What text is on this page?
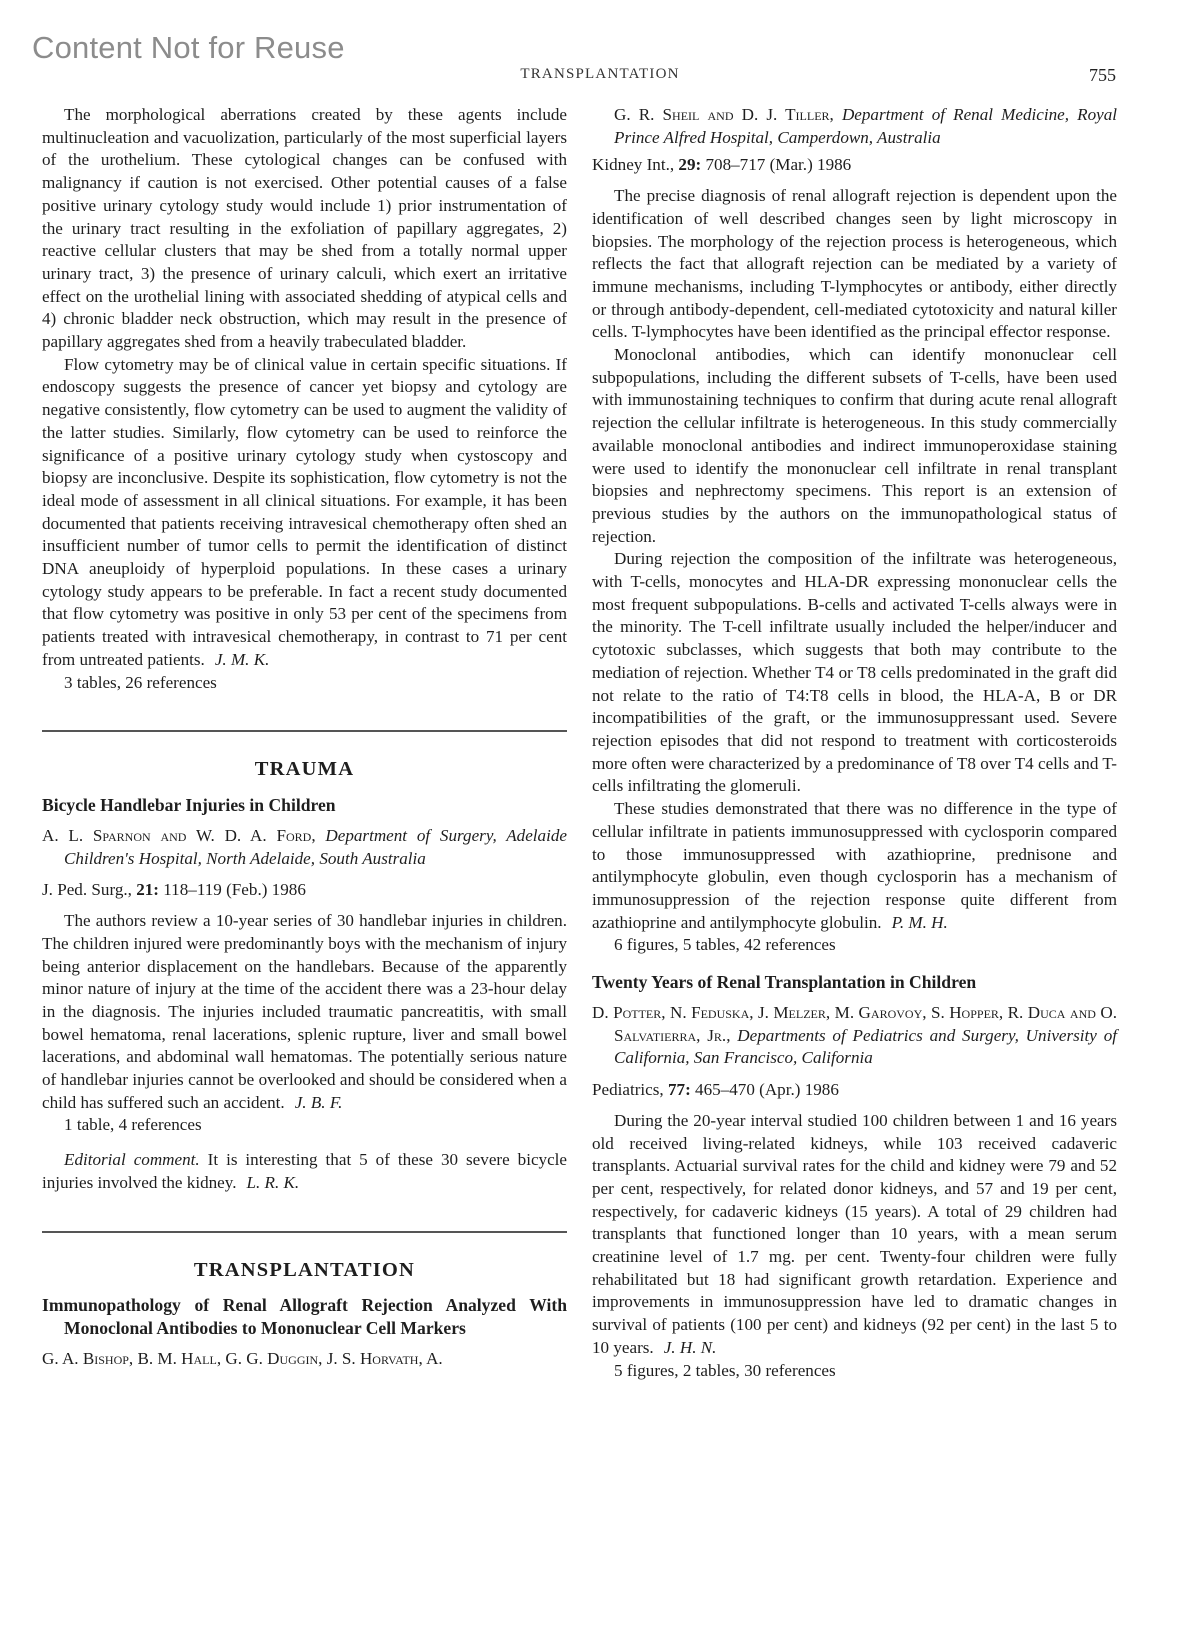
Content Not for Reuse
TRANSPLANTATION	755

The morphological aberrations created by these agents include multinucleation and vacuolization, particularly of the most superficial layers of the urothelium. These cytological changes can be confused with malignancy if caution is not exercised. Other potential causes of a false positive urinary cytology study would include 1) prior instrumentation of the urinary tract resulting in the exfoliation of papillary aggregates, 2) reactive cellular clusters that may be shed from a totally normal upper urinary tract, 3) the presence of urinary calculi, which exert an irritative effect on the urothelial lining with associated shedding of atypical cells and 4) chronic bladder neck obstruction, which may result in the presence of papillary aggregates shed from a heavily trabeculated bladder.

Flow cytometry may be of clinical value in certain specific situations. If endoscopy suggests the presence of cancer yet biopsy and cytology are negative consistently, flow cytometry can be used to augment the validity of the latter studies. Similarly, flow cytometry can be used to reinforce the significance of a positive urinary cytology study when cystoscopy and biopsy are inconclusive. Despite its sophistication, flow cytometry is not the ideal mode of assessment in all clinical situations. For example, it has been documented that patients receiving intravesical chemotherapy often shed an insufficient number of tumor cells to permit the identification of distinct DNA aneuploidy of hyperploid populations. In these cases a urinary cytology study appears to be preferable. In fact a recent study documented that flow cytometry was positive in only 53 per cent of the specimens from patients treated with intravesical chemotherapy, in contrast to 71 per cent from untreated patients. J. M. K.

3 tables, 26 references

TRAUMA
Bicycle Handlebar Injuries in Children

A. L. Sparnon and W. D. A. Ford, Department of Surgery, Adelaide Children's Hospital, North Adelaide, South Australia

J. Ped. Surg., 21: 118–119 (Feb.) 1986

The authors review a 10-year series of 30 handlebar injuries in children. The children injured were predominantly boys with the mechanism of injury being anterior displacement on the handlebars. Because of the apparently minor nature of injury at the time of the accident there was a 23-hour delay in the diagnosis. The injuries included traumatic pancreatitis, with small bowel hematoma, renal lacerations, splenic rupture, liver and small bowel lacerations, and abdominal wall hematomas. The potentially serious nature of handlebar injuries cannot be overlooked and should be considered when a child has suffered such an accident. J. B. F.

1 table, 4 references

Editorial comment. It is interesting that 5 of these 30 severe bicycle injuries involved the kidney. L. R. K.

TRANSPLANTATION
Immunopathology of Renal Allograft Rejection Analyzed With Monoclonal Antibodies to Mononuclear Cell Markers

G. A. Bishop, B. M. Hall, G. G. Duggin, J. S. Horvath, A.

G. R. Sheil and D. J. Tiller, Department of Renal Medicine, Royal Prince Alfred Hospital, Camperdown, Australia

Kidney Int., 29: 708–717 (Mar.) 1986

The precise diagnosis of renal allograft rejection is dependent upon the identification of well described changes seen by light microscopy in biopsies. The morphology of the rejection process is heterogeneous, which reflects the fact that allograft rejection can be mediated by a variety of immune mechanisms, including T-lymphocytes or antibody, either directly or through antibody-dependent, cell-mediated cytotoxicity and natural killer cells. T-lymphocytes have been identified as the principal effector response.

Monoclonal antibodies, which can identify mononuclear cell subpopulations, including the different subsets of T-cells, have been used with immunostaining techniques to confirm that during acute renal allograft rejection the cellular infiltrate is heterogeneous. In this study commercially available monoclonal antibodies and indirect immunoperoxidase staining were used to identify the mononuclear cell infiltrate in renal transplant biopsies and nephrectomy specimens. This report is an extension of previous studies by the authors on the immunopathological status of rejection.

During rejection the composition of the infiltrate was heterogeneous, with T-cells, monocytes and HLA-DR expressing mononuclear cells the most frequent subpopulations. B-cells and activated T-cells always were in the minority. The T-cell infiltrate usually included the helper/inducer and cytotoxic subclasses, which suggests that both may contribute to the mediation of rejection. Whether T4 or T8 cells predominated in the graft did not relate to the ratio of T4:T8 cells in blood, the HLA-A, B or DR incompatibilities of the graft, or the immunosuppressant used. Severe rejection episodes that did not respond to treatment with corticosteroids more often were characterized by a predominance of T8 over T4 cells and T-cells infiltrating the glomeruli.

These studies demonstrated that there was no difference in the type of cellular infiltrate in patients immunosuppressed with cyclosporin compared to those immunosuppressed with azathioprine, prednisone and antilymphocyte globulin, even though cyclosporin has a mechanism of immunosuppression of the rejection response quite different from azathioprine and antilymphocyte globulin. P. M. H.

6 figures, 5 tables, 42 references

Twenty Years of Renal Transplantation in Children

D. Potter, N. Feduska, J. Melzer, M. Garovoy, S. Hopper, R. Duca and O. Salvatierra, Jr., Departments of Pediatrics and Surgery, University of California, San Francisco, California

Pediatrics, 77: 465–470 (Apr.) 1986

During the 20-year interval studied 100 children between 1 and 16 years old received living-related kidneys, while 103 received cadaveric transplants. Actuarial survival rates for the child and kidney were 79 and 52 per cent, respectively, for related donor kidneys, and 57 and 19 per cent, respectively, for cadaveric kidneys (15 years). A total of 29 children had transplants that functioned longer than 10 years, with a mean serum creatinine level of 1.7 mg. per cent. Twenty-four children were fully rehabilitated but 18 had significant growth retardation. Experience and improvements in immunosuppression have led to dramatic changes in survival of patients (100 per cent) and kidneys (92 per cent) in the last 5 to 10 years. J. H. N.

5 figures, 2 tables, 30 references
